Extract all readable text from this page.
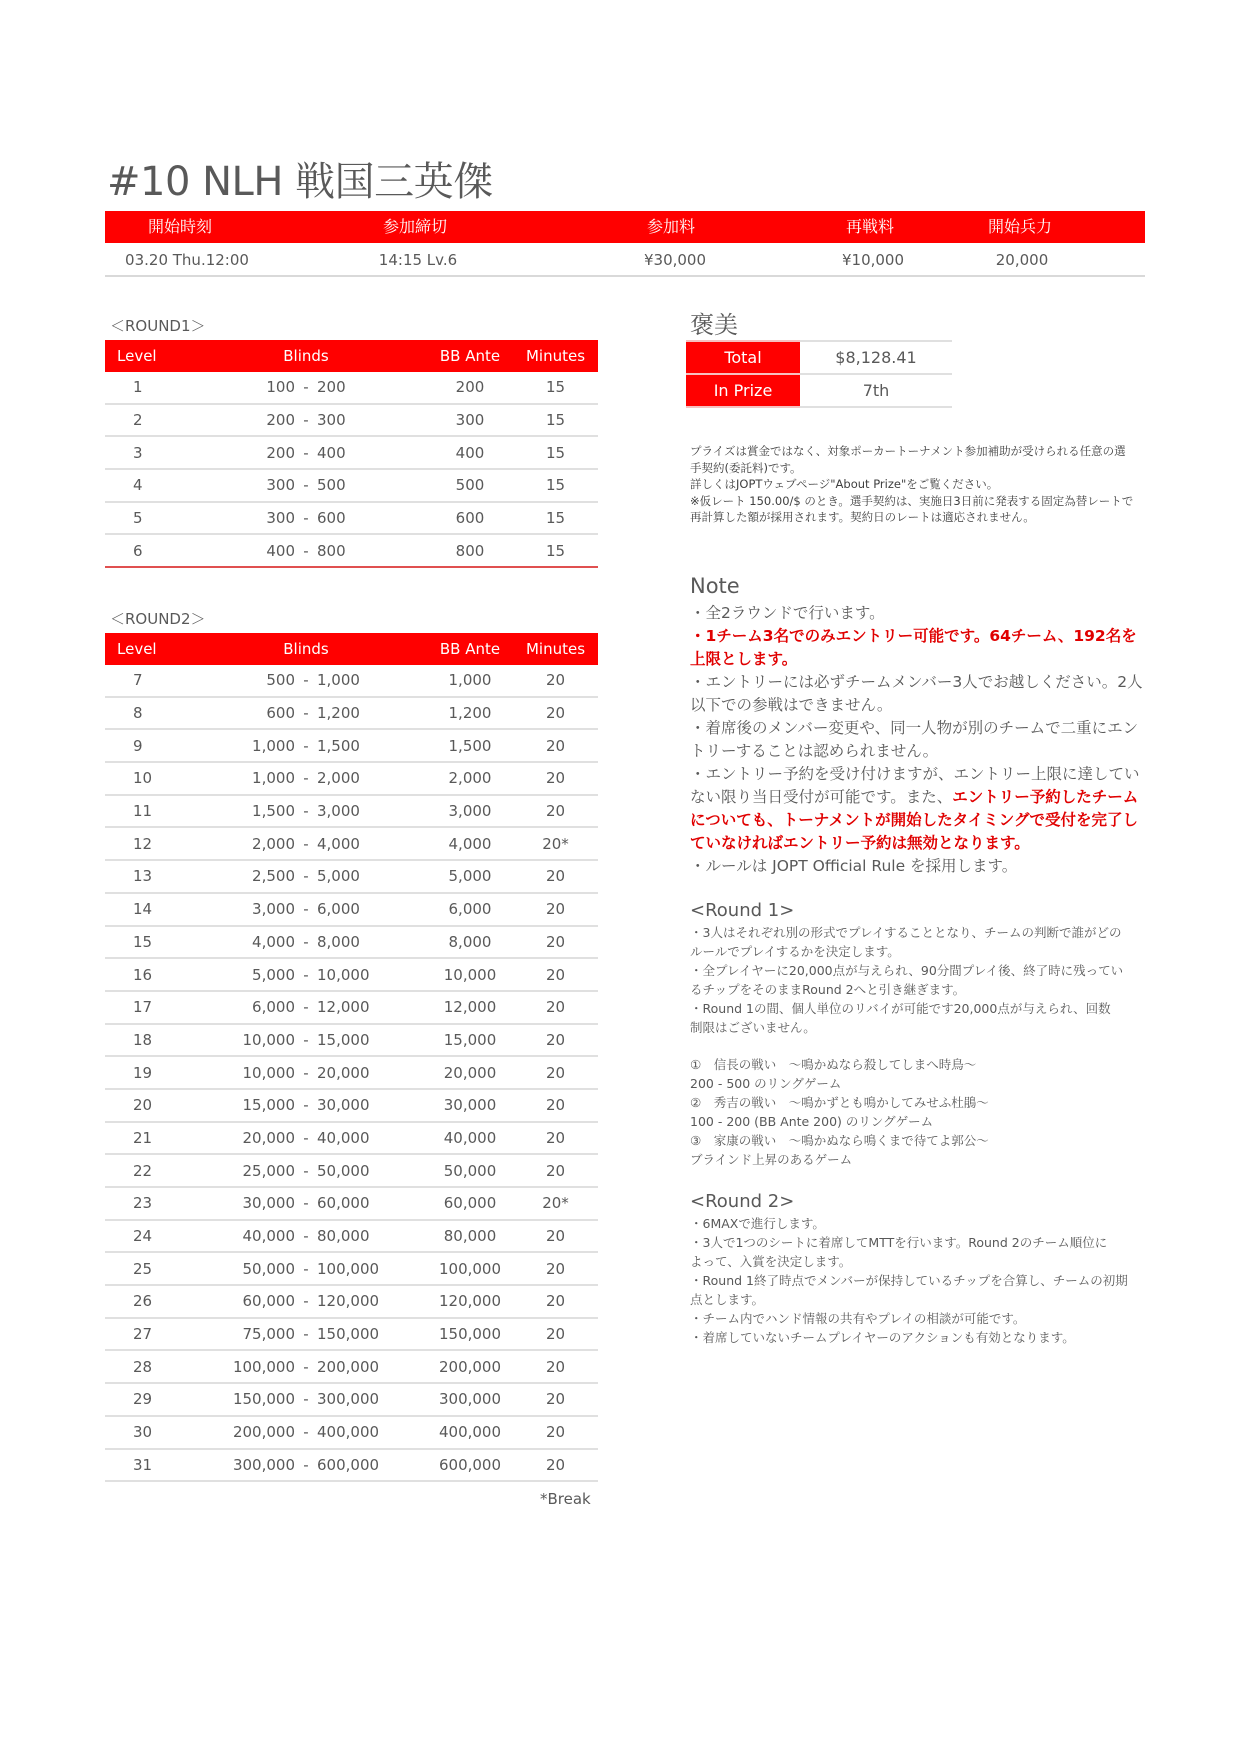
#10 NLH 戦国三英傑
開始時刻	参加締切	参加料	再戦料	開始兵力
03.20 Thu.12:00	14:15 Lv.6	¥30,000	¥10,000	20,000
＜ROUND1＞
Level	Blinds			BB Ante	Minutes
1	100	-	200	200	15
2	200	-	300	300	15
3	200	-	400	400	15
4	300	-	500	500	15
5	300	-	600	600	15
6	400	-	800	800	15
＜ROUND2＞
Level	Blinds			BB Ante	Minutes
7	500	-	1,000	1,000	20
8	600	-	1,200	1,200	20
9	1,000	-	1,500	1,500	20
10	1,000	-	2,000	2,000	20
11	1,500	-	3,000	3,000	20
12	2,000	-	4,000	4,000	20*
13	2,500	-	5,000	5,000	20
14	3,000	-	6,000	6,000	20
15	4,000	-	8,000	8,000	20
16	5,000	-	10,000	10,000	20
17	6,000	-	12,000	12,000	20
18	10,000	-	15,000	15,000	20
19	10,000	-	20,000	20,000	20
20	15,000	-	30,000	30,000	20
21	20,000	-	40,000	40,000	20
22	25,000	-	50,000	50,000	20
23	30,000	-	60,000	60,000	20*
24	40,000	-	80,000	80,000	20
25	50,000	-	100,000	100,000	20
26	60,000	-	120,000	120,000	20
27	75,000	-	150,000	150,000	20
28	100,000	-	200,000	200,000	20
29	150,000	-	300,000	300,000	20
30	200,000	-	400,000	400,000	20
31	300,000	-	600,000	600,000	20
*Break
褒美
Total	$8,128.41
In Prize	7th
プライズは賞金ではなく、対象ポーカートーナメント参加補助が受けられる任意の選
手契約(委託料)です。
詳しくはJOPTウェブページ"About Prize"をご覧ください。
※仮レート 150.00/$ のとき。選手契約は、実施日3日前に発表する固定為替レートで
再計算した額が採用されます。契約日のレートは適応されません。
Note

・全2ラウンドで行います。

・1チーム3名でのみエントリー可能です。64チーム、192名を上限とします。

・エントリーには必ずチームメンバー3人でお越しください。2人以下での参戦はできません。

・着席後のメンバー変更や、同一人物が別のチームで二重にエントリーすることは認められません。

・エントリー予約を受け付けますが、エントリー上限に達していない限り当日受付が可能です。また、エントリー予約したチームについても、トーナメントが開始したタイミングで受付を完了していなければエントリー予約は無効となります。

・ルールは JOPT Official Rule を採用します。

<Round 1>
・3人はそれぞれ別の形式でプレイすることとなり、チームの判断で誰がどの
ルールでプレイするかを決定します。
・全プレイヤーに20,000点が与えられ、90分間プレイ後、終了時に残ってい
るチップをそのままRound 2へと引き継ぎます。
・Round 1の間、個人単位のリバイが可能です20,000点が与えられ、回数
制限はございません。
①　信長の戦い　～鳴かぬなら殺してしまへ時鳥～
200 - 500 のリングゲーム
②　秀吉の戦い　～鳴かずとも鳴かしてみせふ杜鵑～
100 - 200 (BB Ante 200) のリングゲーム
③　家康の戦い　～鳴かぬなら鳴くまで待てよ郭公～
ブラインド上昇のあるゲーム
<Round 2>
・6MAXで進行します。
・3人で1つのシートに着席してMTTを行います。Round 2のチーム順位に
よって、入賞を決定します。
・Round 1終了時点でメンバーが保持しているチップを合算し、チームの初期
点とします。
・チーム内でハンド情報の共有やプレイの相談が可能です。
・着席していないチームプレイヤーのアクションも有効となります。
